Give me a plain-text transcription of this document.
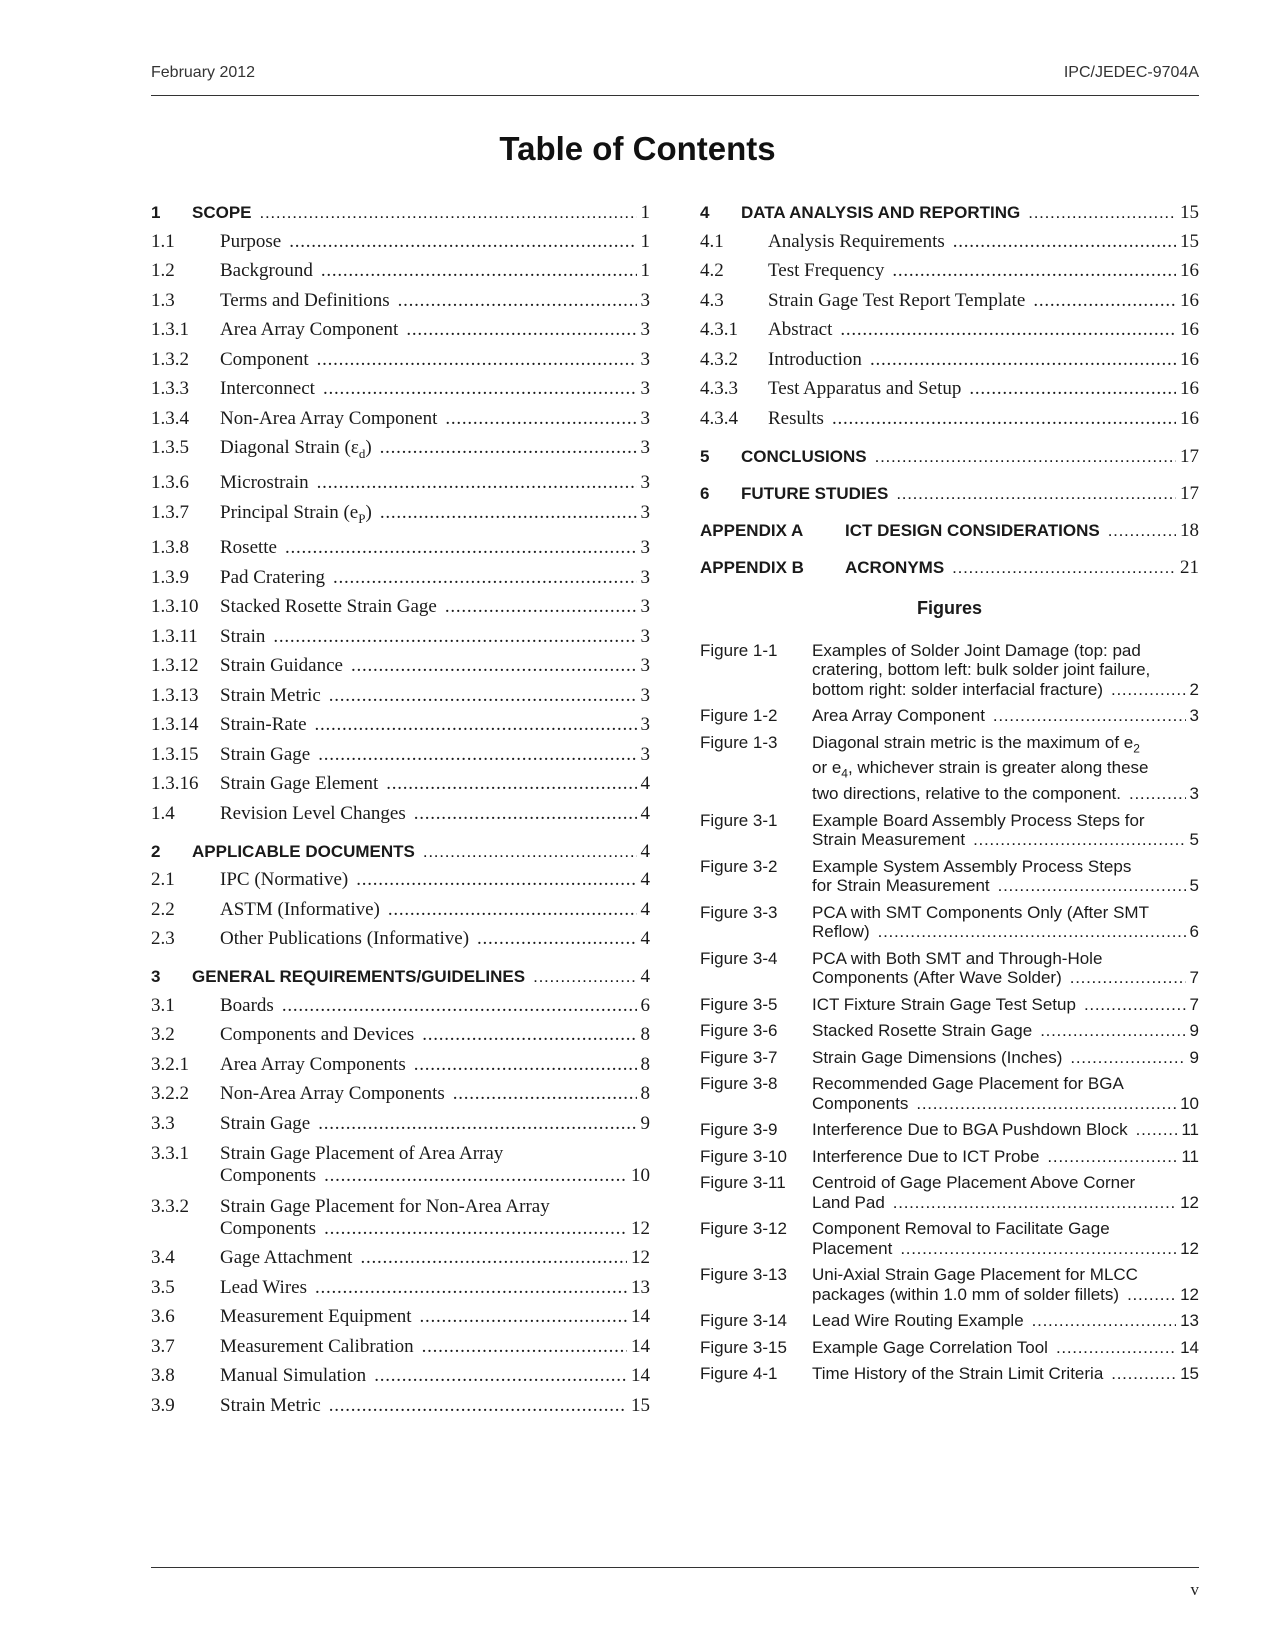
February 2012	IPC/JEDEC-9704A
Table of Contents
1	SCOPE . . .	1
1.1	Purpose . . .	1
1.2	Background . . .	1
1.3	Terms and Definitions . . .	3
1.3.1	Area Array Component . . .	3
1.3.2	Component . . .	3
1.3.3	Interconnect . . .	3
1.3.4	Non-Area Array Component . . .	3
1.3.5	Diagonal Strain $(\varepsilon_d)$ . . .	3
1.3.6	Microstrain . . .	3
1.3.7	Principal Strain $(e_P)$ . . .	3
1.3.8	Rosette . . .	3
1.3.9	Pad Cratering . . .	3
1.3.10	Stacked Rosette Strain Gage . . .	3
1.3.11	Strain . . .	3
1.3.12	Strain Guidance . . .	3
1.3.13	Strain Metric . . .	3
1.3.14	Strain-Rate . . .	3
1.3.15	Strain Gage . . .	3
1.3.16	Strain Gage Element . . .	4
1.4	Revision Level Changes . . .	4
2	APPLICABLE DOCUMENTS . . .	4
2.1	IPC (Normative) . . .	4
2.2	ASTM (Informative) . . .	4
2.3	Other Publications (Informative) . . .	4
3	GENERAL REQUIREMENTS/GUIDELINES . . .	4
3.1	Boards . . .	6
3.2	Components and Devices . . .	8
3.2.1	Area Array Components . . .	8
3.2.2	Non-Area Array Components . . .	8
3.3	Strain Gage . . .	9
3.3.1	Strain Gage Placement of Area Array
Components . . .	10
3.3.2	Strain Gage Placement for Non-Area Array
Components . . .	12
3.4	Gage Attachment . . .	12
3.5	Lead Wires . . .	13
3.6	Measurement Equipment . . .	14
3.7	Measurement Calibration . . .	14
3.8	Manual Simulation . . .	14
3.9	Strain Metric . . .	15
4	DATA ANALYSIS AND REPORTING . . .	15
4.1	Analysis Requirements . . .	15
4.2	Test Frequency . . .	16
4.3	Strain Gage Test Report Template . . .	16
4.3.1	Abstract . . .	16
4.3.2	Introduction . . .	16
4.3.3	Test Apparatus and Setup . . .	16
4.3.4	Results . . .	16
5	CONCLUSIONS . . .	17
6	FUTURE STUDIES . . .	17
APPENDIX A	ICT DESIGN CONSIDERATIONS . . .	18
APPENDIX B	ACRONYMS . . .	21
Figures
Figure 1-1	Examples of Solder Joint Damage (top: pad
cratering, bottom left: bulk solder joint failure,
bottom right: solder interfacial fracture) . . .	2
Figure 1-2	Area Array Component . . .	3
Figure 1-3	Diagonal strain metric is the maximum of $e_2$
or $e_4$, whichever strain is greater along these
two directions, relative to the component. . . .	3
Figure 3-1	Example Board Assembly Process Steps for
Strain Measurement . . .	5
Figure 3-2	Example System Assembly Process Steps
for Strain Measurement . . .	5
Figure 3-3	PCA with SMT Components Only (After SMT
Reflow) . . .	6
Figure 3-4	PCA with Both SMT and Through-Hole
Components (After Wave Solder) . . .	7
Figure 3-5	ICT Fixture Strain Gage Test Setup . . .	7
Figure 3-6	Stacked Rosette Strain Gage . . .	9
Figure 3-7	Strain Gage Dimensions (Inches) . . .	9
Figure 3-8	Recommended Gage Placement for BGA
Components . . .	10
Figure 3-9	Interference Due to BGA Pushdown Block . . .	11
Figure 3-10	Interference Due to ICT Probe . . .	11
Figure 3-11	Centroid of Gage Placement Above Corner
Land Pad . . .	12
Figure 3-12	Component Removal to Facilitate Gage
Placement . . .	12
Figure 3-13	Uni-Axial Strain Gage Placement for MLCC
packages (within 1.0 mm of solder fillets) . . .	12
Figure 3-14	Lead Wire Routing Example . . .	13
Figure 3-15	Example Gage Correlation Tool . . .	14
Figure 4-1	Time History of the Strain Limit Criteria . . .	15
v
